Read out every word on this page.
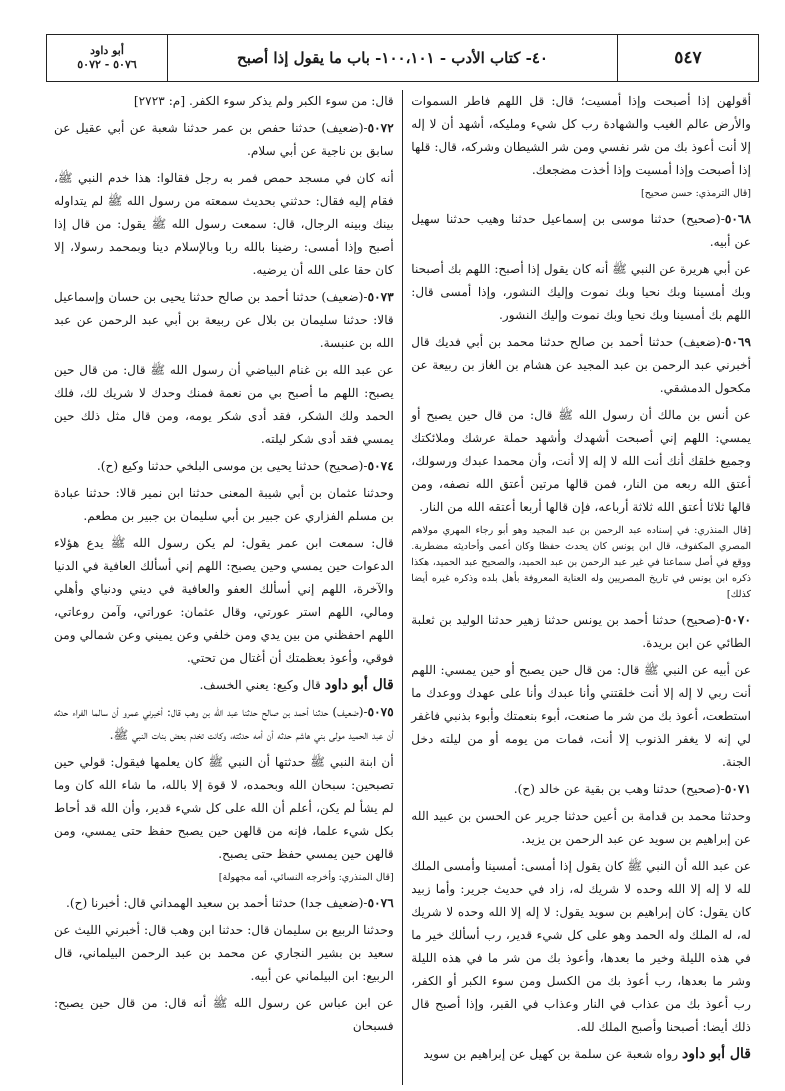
٥٤٧
٤٠- كتاب الأدب - ١٠٠،١٠١- باب ما يقول إذا أصبح
أبو داود
٥٠٧٦ - ٥٠٧٢

أقولهن إذا أصبحت وإذا أمسيت؛ قال: قل اللهم فاطر السموات والأرض عالم الغيب والشهادة رب كل شيء ومليكه، أشهد أن لا إله إلا أنت أعوذ بك من شر نفسي ومن شر الشيطان وشركه، قال: قلها إذا أصبحت وإذا أمسيت وإذا أخذت مضجعك.

[قال الترمذي: حسن صحيح]

٥٠٦٨-(صحيح) حدثنا موسى بن إسماعيل حدثنا وهيب حدثنا سهيل عن أبيه.

عن أبي هريرة عن النبي ﷺ أنه كان يقول إذا أصبح: اللهم بك أصبحنا وبك أمسينا وبك نحيا وبك نموت وإليك النشور، وإذا أمسى قال: اللهم بك أمسينا وبك نحيا وبك نموت وإليك النشور.

٥٠٦٩-(ضعيف) حدثنا أحمد بن صالح حدثنا محمد بن أبي فديك قال أخبرني عبد الرحمن بن عبد المجيد عن هشام بن الغاز بن ربيعة عن مكحول الدمشقي.

عن أنس بن مالك أن رسول الله ﷺ قال: من قال حين يصبح أو يمسي: اللهم إني أصبحت أشهدك وأشهد حملة عرشك وملائكتك وجميع خلقك أنك أنت الله لا إله إلا أنت، وأن محمدا عبدك ورسولك، أعتق الله ربعه من النار، فمن قالها مرتين أعتق الله نصفه، ومن قالها ثلاثا أعتق الله ثلاثة أرباعه، فإن قالها أربعا أعتقه الله من النار.

[قال المنذري: في إسناده عبد الرحمن بن عبد المجيد وهو أبو رجاء المهري مولاهم المصري المكفوف، قال ابن يونس كان يحدث حفظا وكان أعمى وأحاديثه مضطربة. ووقع في أصل سماعنا في غير عبد الرحمن بن عبد الحميد، والصحيح عبد الحميد، هكذا ذكره ابن يونس في تاريخ المصريين وله العناية المعروفة بأهل بلده وذكره غيره أيضا كذلك]

٥٠٧٠-(صحيح) حدثنا أحمد بن يونس حدثنا زهير حدثنا الوليد بن ثعلبة الطائي عن ابن بريدة.

عن أبيه عن النبي ﷺ قال: من قال حين يصبح أو حين يمسي: اللهم أنت ربي لا إله إلا أنت خلقتني وأنا عبدك وأنا على عهدك ووعدك ما استطعت، أعوذ بك من شر ما صنعت، أبوء بنعمتك وأبوء بذنبي فاغفر لي إنه لا يغفر الذنوب إلا أنت، فمات من يومه أو من ليلته دخل الجنة.

٥٠٧١-(صحيح) حدثنا وهب بن بقية عن خالد (ح).

وحدثنا محمد بن قدامة بن أعين حدثنا جرير عن الحسن بن عبيد الله عن إبراهيم بن سويد عن عبد الرحمن بن يزيد.

عن عبد الله أن النبي ﷺ كان يقول إذا أمسى: أمسينا وأمسى الملك لله لا إله إلا الله وحده لا شريك له، زاد في حديث جرير: وأما زبيد كان يقول: كان إبراهيم بن سويد يقول: لا إله إلا الله وحده لا شريك له، له الملك وله الحمد وهو على كل شيء قدير، رب أسألك خير ما في هذه الليلة وخير ما بعدها، وأعوذ بك من شر ما في هذه الليلة وشر ما بعدها، رب أعوذ بك من الكسل ومن سوء الكبر أو الكفر، رب أعوذ بك من عذاب في النار وعذاب في القبر، وإذا أصبح قال ذلك أيضا: أصبحنا وأصبح الملك لله.

قال أبو داود رواه شعبة عن سلمة بن كهيل عن إبراهيم بن سويد

قال: من سوء الكبر ولم يذكر سوء الكفر. [م: ٢٧٢٣]

٥٠٧٢-(ضعيف) حدثنا حفص بن عمر حدثنا شعبة عن أبي عقيل عن سابق بن ناجية عن أبي سلام.

أنه كان في مسجد حمص فمر به رجل فقالوا: هذا خدم النبي ﷺ، فقام إليه فقال: حدثني بحديث سمعته من رسول الله ﷺ لم يتداوله بينك وبينه الرجال، قال: سمعت رسول الله ﷺ يقول: من قال إذا أصبح وإذا أمسى: رضينا بالله ربا وبالإسلام دينا وبمحمد رسولا، إلا كان حقا على الله أن يرضيه.

٥٠٧٣-(ضعيف) حدثنا أحمد بن صالح حدثنا يحيى بن حسان وإسماعيل قالا: حدثنا سليمان بن بلال عن ربيعة بن أبي عبد الرحمن عن عبد الله بن عنبسة.

عن عبد الله بن غنام البياضي أن رسول الله ﷺ قال: من قال حين يصبح: اللهم ما أصبح بي من نعمة فمنك وحدك لا شريك لك، فلك الحمد ولك الشكر، فقد أدى شكر يومه، ومن قال مثل ذلك حين يمسي فقد أدى شكر ليلته.

٥٠٧٤-(صحيح) حدثنا يحيى بن موسى البلخي حدثنا وكيع (ح).

وحدثنا عثمان بن أبي شيبة المعنى حدثنا ابن نمير قالا: حدثنا عبادة بن مسلم الفزاري عن جبير بن أبي سليمان بن جبير بن مطعم.

قال: سمعت ابن عمر يقول: لم يكن رسول الله ﷺ يدع هؤلاء الدعوات حين يمسي وحين يصبح: اللهم إني أسألك العافية في الدنيا والآخرة، اللهم إني أسألك العفو والعافية في ديني ودنياي وأهلي ومالي، اللهم استر عورتي، وقال عثمان: عوراتي، وآمن روعاتي، اللهم احفظني من بين يدي ومن خلفي وعن يميني وعن شمالي ومن فوقي، وأعوذ بعظمتك أن أغتال من تحتي.

قال أبو داود قال وكيع: يعني الخسف.

٥٠٧٥-(ضعيف) حدثنا أحمد بن صالح حدثنا عبد الله بن وهب قال: أخبرني عمرو أن سالما الفراء حدثه أن عبد الحميد مولى بني هاشم حدثه أن أمه حدثته، وكانت تخدم بعض بنات النبي ﷺ.

أن ابنة النبي ﷺ حدثتها أن النبي ﷺ كان يعلمها فيقول: قولي حين تصبحين: سبحان الله وبحمده، لا قوة إلا بالله، ما شاء الله كان وما لم يشأ لم يكن، أعلم أن الله على كل شيء قدير، وأن الله قد أحاط بكل شيء علما، فإنه من قالهن حين يصبح حفظ حتى يمسي، ومن قالهن حين يمسي حفظ حتى يصبح.

[قال المنذري: وأخرجه النسائي، أمه مجهولة]

٥٠٧٦-(ضعيف جدا) حدثنا أحمد بن سعيد الهمداني قال: أخبرنا (ح).

وحدثنا الربيع بن سليمان قال: حدثنا ابن وهب قال: أخبرني الليث عن سعيد بن بشير النجاري عن محمد بن عبد الرحمن البيلماني، قال الربيع: ابن البيلماني عن أبيه.

عن ابن عباس عن رسول الله ﷺ أنه قال: من قال حين يصبح: فسبحان
